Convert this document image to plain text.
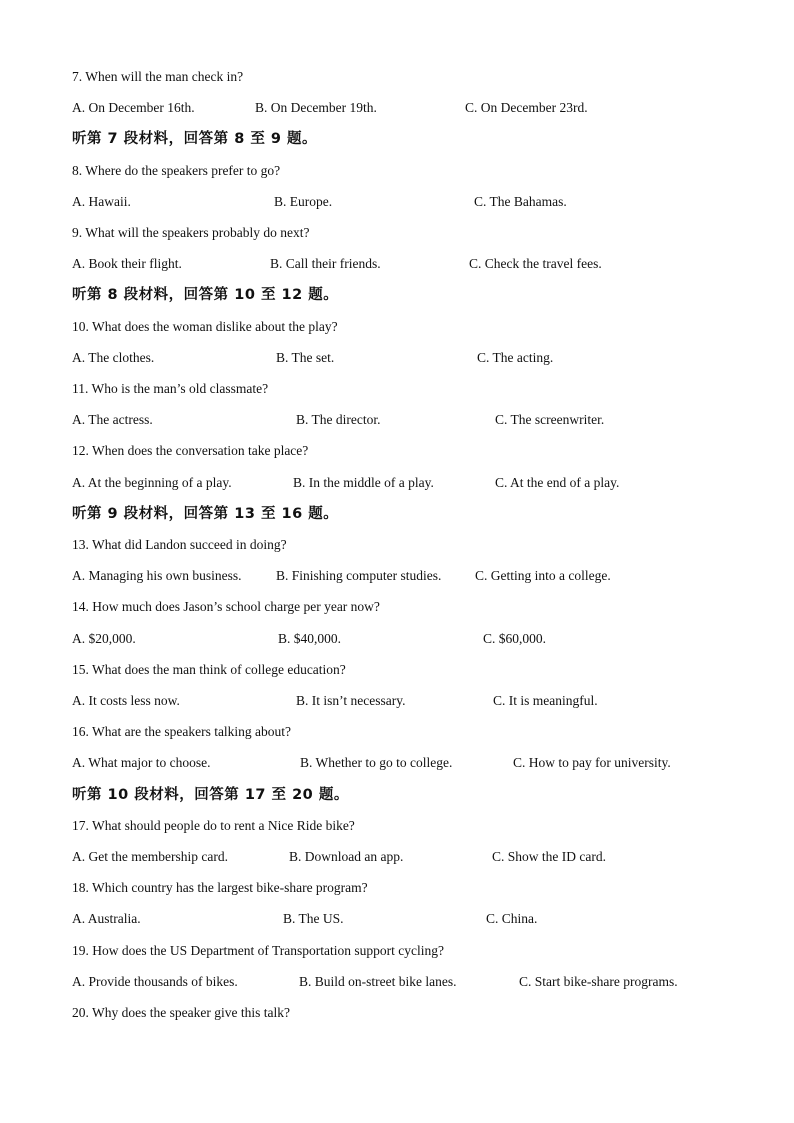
7. When will the man check in?
A. On December 16th.	B. On December 19th.	C. On December 23rd.
听第 7 段材料，回答第 8 至 9 题。
8. Where do the speakers prefer to go?
A. Hawaii.	B. Europe.	C. The Bahamas.
9. What will the speakers probably do next?
A. Book their flight.	B. Call their friends.	C. Check the travel fees.
听第 8 段材料，回答第 10 至 12 题。
10. What does the woman dislike about the play?
A. The clothes.	B. The set.	C. The acting.
11. Who is the man’s old classmate?
A. The actress.	B. The director.	C. The screenwriter.
12. When does the conversation take place?
A. At the beginning of a play.	B. In the middle of a play.	C. At the end of a play.
听第 9 段材料，回答第 13 至 16 题。
13. What did Landon succeed in doing?
A. Managing his own business.	B. Finishing computer studies. C. Getting into a college.
14. How much does Jason’s school charge per year now?
A. $20,000.	B. $40,000.	C. $60,000.
15. What does the man think of college education?
A. It costs less now.	B. It isn’t necessary.	C. It is meaningful.
16. What are the speakers talking about?
A. What major to choose.	B. Whether to go to college.	C. How to pay for university.
听第 10 段材料，回答第 17 至 20 题。
17. What should people do to rent a Nice Ride bike?
A. Get the membership card.	B. Download an app.	C. Show the ID card.
18. Which country has the largest bike-share program?
A. Australia.	B. The US.	C. China.
19. How does the US Department of Transportation support cycling?
A. Provide thousands of bikes.	B. Build on-street bike lanes.	C. Start bike-share programs.
20. Why does the speaker give this talk?
